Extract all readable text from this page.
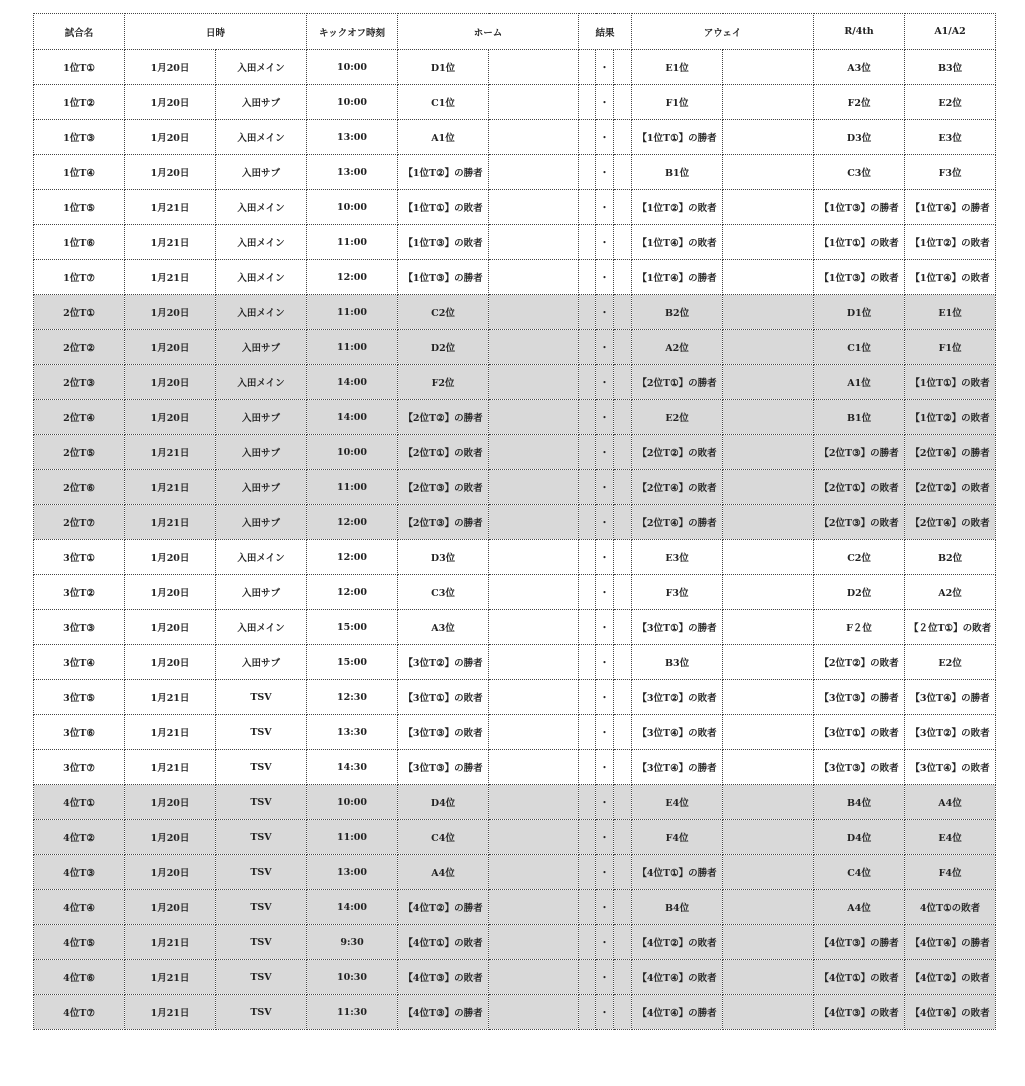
試合名	日時		キックオフ時刻	ホーム		結果			アウェイ		R/4th	A1/A2
1位T①	1月20日	入田メイン	10:00	D1位			・		E1位		A3位	B3位
1位T②	1月20日	入田サブ	10:00	C1位			・		F1位		F2位	E2位
1位T③	1月20日	入田メイン	13:00	A1位			・		【1位T①】の勝者		D3位	E3位
1位T④	1月20日	入田サブ	13:00	【1位T②】の勝者			・		B1位		C3位	F3位
1位T⑤	1月21日	入田メイン	10:00	【1位T①】の敗者			・		【1位T②】の敗者		【1位T③】の勝者	【1位T④】の勝者
1位T⑥	1月21日	入田メイン	11:00	【1位T③】の敗者			・		【1位T④】の敗者		【1位T①】の敗者	【1位T②】の敗者
1位T⑦	1月21日	入田メイン	12:00	【1位T③】の勝者			・		【1位T④】の勝者		【1位T③】の敗者	【1位T④】の敗者
2位T①	1月20日	入田メイン	11:00	C2位			・		B2位		D1位	E1位
2位T②	1月20日	入田サブ	11:00	D2位			・		A2位		C1位	F1位
2位T③	1月20日	入田メイン	14:00	F2位			・		【2位T①】の勝者		A1位	【1位T①】の敗者
2位T④	1月20日	入田サブ	14:00	【2位T②】の勝者			・		E2位		B1位	【1位T②】の敗者
2位T⑤	1月21日	入田サブ	10:00	【2位T①】の敗者			・		【2位T②】の敗者		【2位T③】の勝者	【2位T④】の勝者
2位T⑥	1月21日	入田サブ	11:00	【2位T③】の敗者			・		【2位T④】の敗者		【2位T①】の敗者	【2位T②】の敗者
2位T⑦	1月21日	入田サブ	12:00	【2位T③】の勝者			・		【2位T④】の勝者		【2位T③】の敗者	【2位T④】の敗者
3位T①	1月20日	入田メイン	12:00	D3位			・		E3位		C2位	B2位
3位T②	1月20日	入田サブ	12:00	C3位			・		F3位		D2位	A2位
3位T③	1月20日	入田メイン	15:00	A3位			・		【3位T①】の勝者		F２位	【２位T①】の敗者
3位T④	1月20日	入田サブ	15:00	【3位T②】の勝者			・		B3位		【2位T②】の敗者	E2位
3位T⑤	1月21日	TSV	12:30	【3位T①】の敗者			・		【3位T②】の敗者		【3位T③】の勝者	【3位T④】の勝者
3位T⑥	1月21日	TSV	13:30	【3位T③】の敗者			・		【3位T④】の敗者		【3位T①】の敗者	【3位T②】の敗者
3位T⑦	1月21日	TSV	14:30	【3位T③】の勝者			・		【3位T④】の勝者		【3位T③】の敗者	【3位T④】の敗者
4位T①	1月20日	TSV	10:00	D4位			・		E4位		B4位	A4位
4位T②	1月20日	TSV	11:00	C4位			・		F4位		D4位	E4位
4位T③	1月20日	TSV	13:00	A4位			・		【4位T①】の勝者		C4位	F4位
4位T④	1月20日	TSV	14:00	【4位T②】の勝者			・		B4位		A4位	4位T①の敗者
4位T⑤	1月21日	TSV	9:30	【4位T①】の敗者			・		【4位T②】の敗者		【4位T③】の勝者	【4位T④】の勝者
4位T⑥	1月21日	TSV	10:30	【4位T③】の敗者			・		【4位T④】の敗者		【4位T①】の敗者	【4位T②】の敗者
4位T⑦	1月21日	TSV	11:30	【4位T③】の勝者			・		【4位T④】の勝者		【4位T③】の敗者	【4位T④】の敗者
